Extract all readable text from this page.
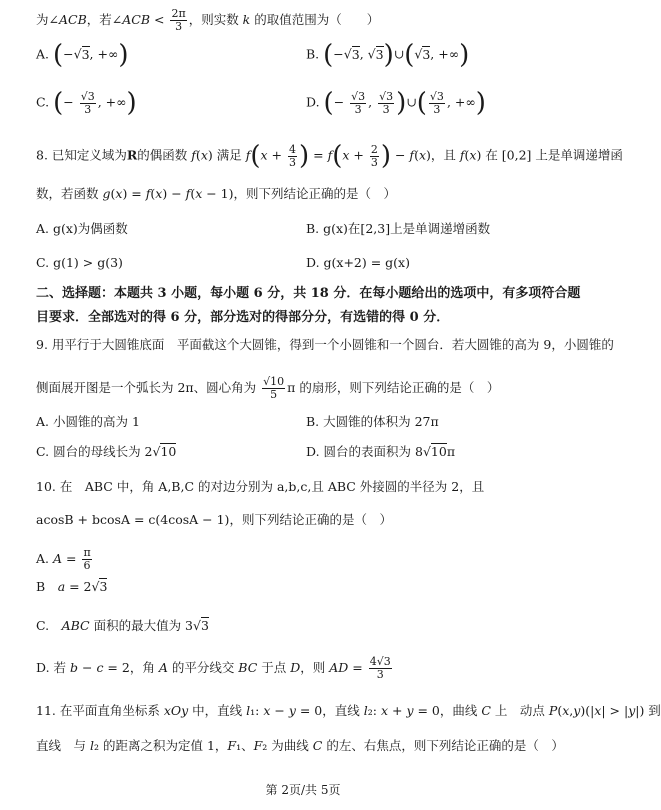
为∠ACB，若∠ACB < $\frac{2\pi}{3}$ ，则实数 k 的取值范围为（　　）
A. (−√3, +∞)	B. (−√3, √3)∪(√3, +∞)
C. (− $\frac{√3}{3}$ , +∞)	D. (− $\frac{√3}{3}$ , $\frac{√3}{3}$ )∪( $\frac{√3}{3}$ , +∞)
8. 已知定义域为R的偶函数 f(x) 满足 $f(x + \frac{4}{3}$ ) = $f(x + \frac{2}{3}$ ) − f(x)，且 f(x) 在 [0,2] 上是单调递增函
数，若函数 g(x) = f(x) − f(x − 1)，则下列结论正确的是（　）
A. g(x)为偶函数	B. g(x)在[2,3]上是单调递增函数
C. g(1) > g(3)	D. g(x+2) = g(x)
二、选择题：本题共 3 小题，每小题 6 分，共 18 分．在每小题给出的选项中，有多项符合题
目要求．全部选对的得 6 分，部分选对的得部分分，有选错的得 0 分．
9. 用平行于大圆锥底面　平面截这个大圆锥，得到一个小圆锥和一个圆台．若大圆锥的高为 9，小圆锥的
侧面展开图是一个弧长为 2π、圆心角为 $\frac{√10}{5}$ π 的扇形，则下列结论正确的是（　）
A. 小圆锥的高为 1	B. 大圆锥的体积为 27π
C. 圆台的母线长为 2√10	D. 圆台的表面积为 8√10π
10. 在　ABC 中，角 A,B,C 的对边分别为 a,b,c,且 ABC 外接圆的半径为 2，且
acosB + bcosA = c(4cosA − 1)，则下列结论正确的是（　）
A. $A = \frac{\pi}{6}$
B　a = 2√3
C.　ABC 面积的最大值为 3√3
D. 若 b − c = 2，角 A 的平分线交 BC 于点 D，则 AD = $\frac{4√3}{3}$
11. 在平面直角坐标系 xOy 中，直线 l₁: x − y = 0，直线 l₂: x + y = 0，曲线 C 上　动点 P(x,y)(|x| > |y|) 到
直线　与 l₂ 的距离之积为定值 1，F₁、F₂ 为曲线 C 的左、右焦点，则下列结论正确的是（　）
第 2页/共 5页
